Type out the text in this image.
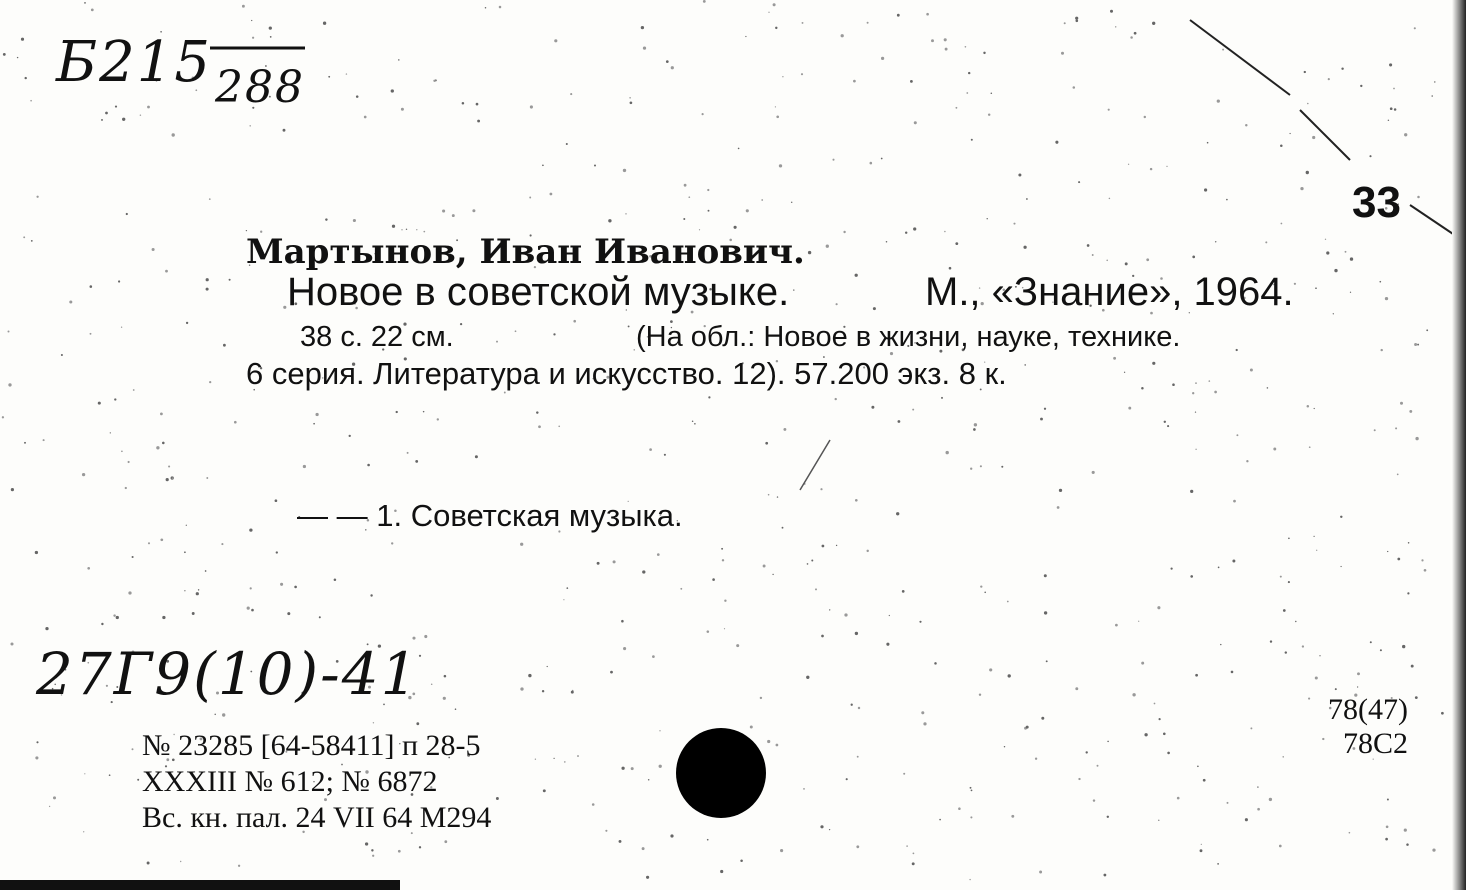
Б215 288
33
Мартынов, Иван Иванович.
Новое в советской музыке.	М., «Знание», 1964.
38 с. 22 см.	(На обл.: Новое в жизни, науке, технике.
6 серия. Литература и искусство. 12). 57.200 экз. 8 к.
— — 1. Советская музыка.
27Г9(10)-41
№ 23285 [64-58411] п 28-5
XXXIII № 612; № 6872
Вс. кн. пал. 24 VII 64 М294
78(47)
78С2
